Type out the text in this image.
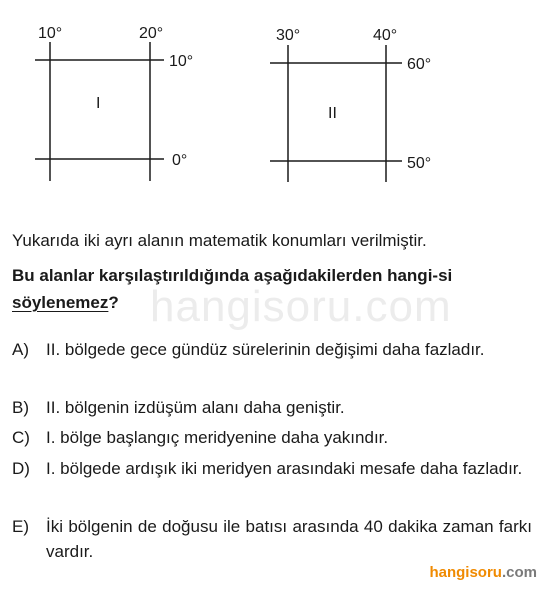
10°	20°
10°
0°
I
30°	40°
60°
50°
II
hangisoru.com
Yukarıda iki ayrı alanın matematik konumları verilmiştir.
Bu alanlar karşılaştırıldığında aşağıdakilerden hangi-si söylenemez?
A)	II. bölgede gece gündüz sürelerinin değişimi daha fazladır.
B)	II. bölgenin izdüşüm alanı daha geniştir.
C) I. bölge başlangıç meridyenine daha yakındır.
D) I. bölgede ardışık iki meridyen arasındaki mesafe daha fazladır.
E)	İki bölgenin de doğusu ile batısı arasında 40 dakika zaman farkı vardır.
hangisoru.com
